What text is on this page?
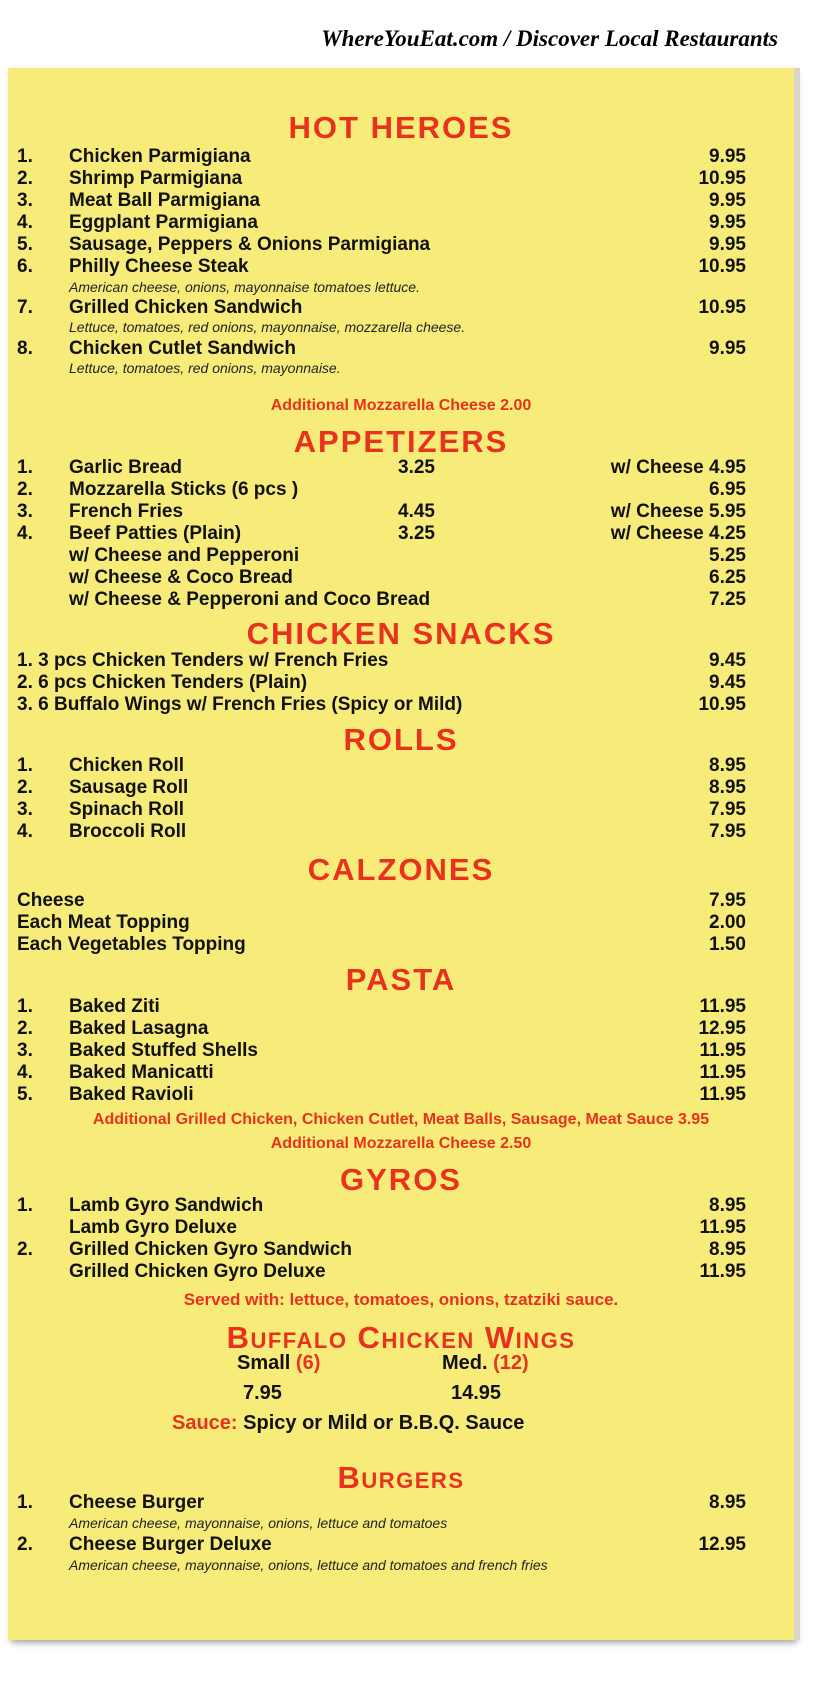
WhereYouEat.com / Discover Local Restaurants
HOT HEROES
1. Chicken Parmigiana	9.95
2. Shrimp Parmigiana	10.95
3. Meat Ball Parmigiana	9.95
4. Eggplant Parmigiana	9.95
5. Sausage, Peppers & Onions Parmigiana	9.95
6. Philly Cheese Steak	10.95
American cheese, onions, mayonnaise tomatoes lettuce.
7. Grilled Chicken Sandwich	10.95
Lettuce, tomatoes, red onions, mayonnaise, mozzarella cheese.
8. Chicken Cutlet Sandwich	9.95
Lettuce, tomatoes, red onions, mayonnaise.
Additional Mozzarella Cheese 2.00
APPETIZERS
1. Garlic Bread	3.25	w/ Cheese 4.95
2. Mozzarella Sticks (6 pcs )	6.95
3. French Fries	4.45	w/ Cheese 5.95
4. Beef Patties (Plain)	3.25	w/ Cheese 4.25
w/ Cheese and Pepperoni	5.25
w/ Cheese & Coco Bread	6.25
w/ Cheese & Pepperoni and Coco Bread	7.25
CHICKEN SNACKS
1. 3 pcs Chicken Tenders w/ French Fries	9.45
2. 6 pcs Chicken Tenders (Plain)	9.45
3. 6 Buffalo Wings w/ French Fries (Spicy or Mild)	10.95
ROLLS
1. Chicken Roll	8.95
2. Sausage Roll	8.95
3. Spinach Roll	7.95
4. Broccoli Roll	7.95
CALZONES
Cheese	7.95
Each Meat Topping	2.00
Each Vegetables Topping	1.50
PASTA
1. Baked Ziti	11.95
2. Baked Lasagna	12.95
3. Baked Stuffed Shells	11.95
4. Baked Manicatti	11.95
5. Baked Ravioli	11.95
Additional Grilled Chicken, Chicken Cutlet, Meat Balls, Sausage, Meat Sauce 3.95
Additional Mozzarella Cheese 2.50
GYROS
1. Lamb Gyro Sandwich	8.95
Lamb Gyro Deluxe	11.95
2. Grilled Chicken Gyro Sandwich	8.95
Grilled Chicken Gyro Deluxe	11.95
Served with: lettuce, tomatoes, onions, tzatziki sauce.
Buffalo Chicken Wings
Small (6)	Med. (12)
7.95	14.95
Sauce: Spicy or Mild or B.B.Q. Sauce
Burgers
1. Cheese Burger	8.95
American cheese, mayonnaise, onions, lettuce and tomatoes
2. Cheese Burger Deluxe	12.95
American cheese, mayonnaise, onions, lettuce and tomatoes and french fries
